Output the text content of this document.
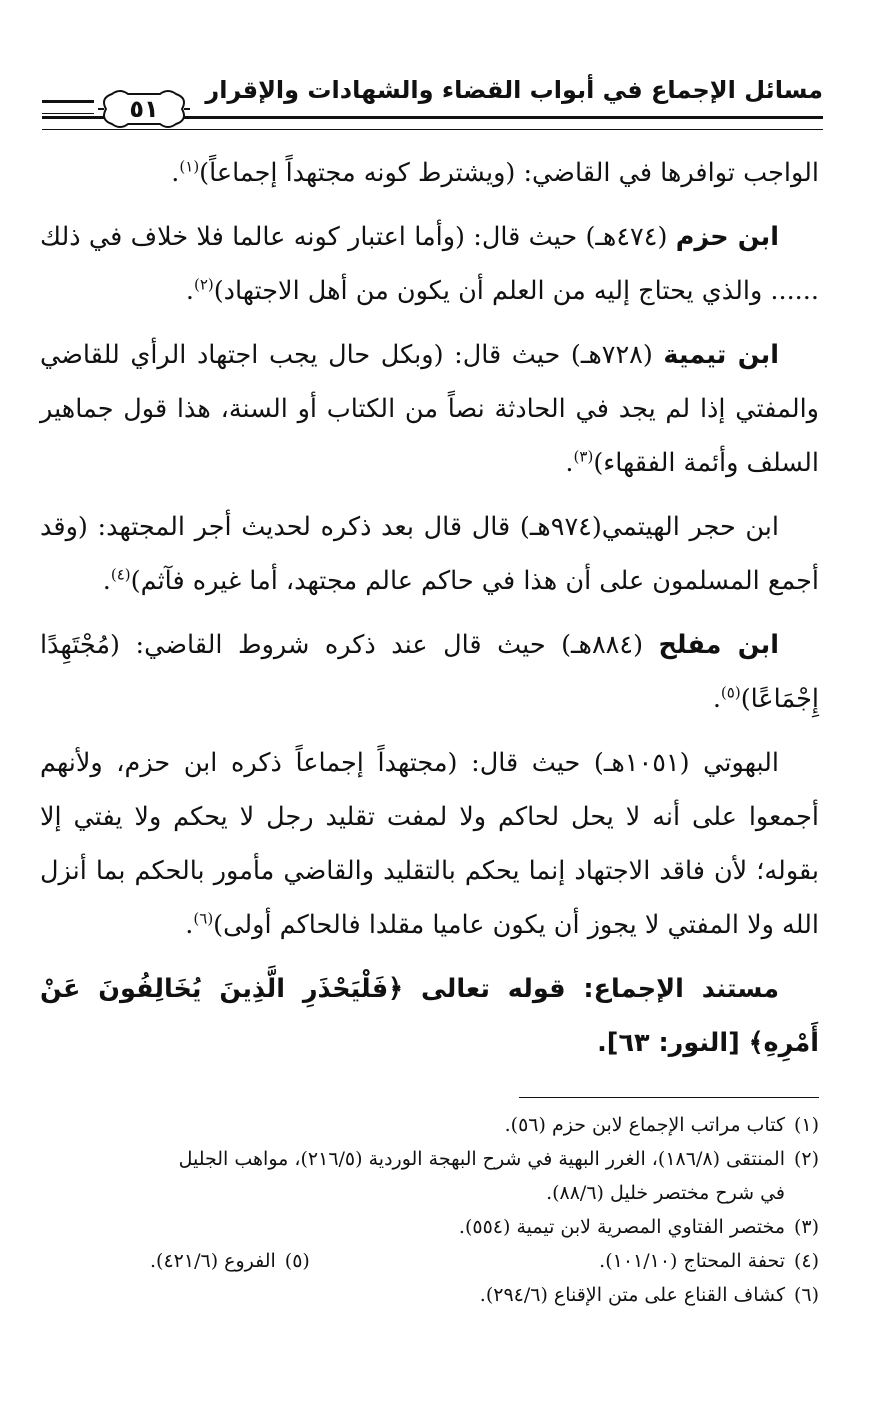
مسائل الإجماع في أبواب القضاء والشهادات والإقرار
٥١

الواجب توافرها في القاضي: (ويشترط كونه مجتهداً إجماعاً)$^{(١)}$.

ابن حزم (٤٧٤هـ) حيث قال: (وأما اعتبار كونه عالما فلا خلاف في ذلك ...... والذي يحتاج إليه من العلم أن يكون من أهل الاجتهاد)$^{(٢)}$.

ابن تيمية (٧٢٨هـ) حيث قال: (وبكل حال يجب اجتهاد الرأي للقاضي والمفتي إذا لم يجد في الحادثة نصاً من الكتاب أو السنة، هذا قول جماهير السلف وأئمة الفقهاء)$^{(٣)}$.

ابن حجر الهيتمي(٩٧٤هـ) قال قال بعد ذكره لحديث أجر المجتهد: (وقد أجمع المسلمون على أن هذا في حاكم عالم مجتهد، أما غيره فآثم)$^{(٤)}$.

ابن مفلح (٨٨٤هـ) حيث قال عند ذكره شروط القاضي: (مُجْتَهِدًا إِجْمَاعًا)$^{(٥)}$.

البهوتي (١٠٥١هـ) حيث قال: (مجتهداً إجماعاً ذكره ابن حزم، ولأنهم أجمعوا على أنه لا يحل لحاكم ولا لمفت تقليد رجل لا يحكم ولا يفتي إلا بقوله؛ لأن فاقد الاجتهاد إنما يحكم بالتقليد والقاضي مأمور بالحكم بما أنزل الله ولا المفتي لا يجوز أن يكون عاميا مقلدا فالحاكم أولى)$^{(٦)}$.

مستند الإجماع: قوله تعالى ﴿فَلْيَحْذَرِ الَّذِينَ يُخَالِفُونَ عَنْ أَمْرِهِ﴾ [النور: ٦٣].

(١)كتاب مراتب الإجماع لابن حزم (٥٦).

(٢)المنتقى (١٨٦/٨)، الغرر البهية في شرح البهجة الوردية (٢١٦/٥)، مواهب الجليل

في شرح مختصر خليل (٨٨/٦).

(٣)مختصر الفتاوي المصرية لابن تيمية (٥٥٤).

(٤)تحفة المحتاج (١٠١/١٠).

(٥)الفروع (٤٢١/٦).

(٦)كشاف القناع على متن الإقناع (٢٩٤/٦).
